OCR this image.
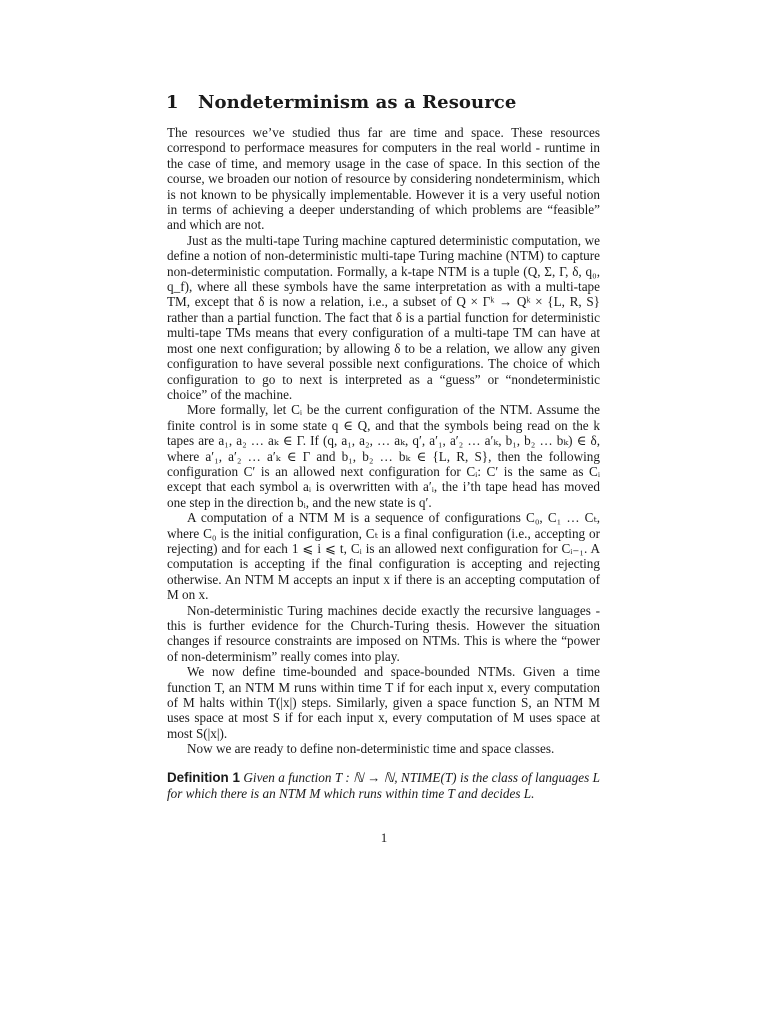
1 Nondeterminism as a Resource

The resources we’ve studied thus far are time and space. These resources correspond to performace measures for computers in the real world - runtime in the case of time, and memory usage in the case of space. In this section of the course, we broaden our notion of resource by considering nondeterminism, which is not known to be physically implementable. However it is a very useful notion in terms of achieving a deeper understanding of which problems are “feasible” and which are not.

Just as the multi-tape Turing machine captured deterministic computation, we define a notion of non-deterministic multi-tape Turing machine (NTM) to capture non-deterministic computation. Formally, a k-tape NTM is a tuple (Q, Σ, Γ, δ, q₀, q_f), where all these symbols have the same interpretation as with a multi-tape TM, except that δ is now a relation, i.e., a subset of Q × Γᵏ → Qᵏ × {L, R, S} rather than a partial function. The fact that δ is a partial function for deterministic multi-tape TMs means that every configuration of a multi-tape TM can have at most one next configuration; by allowing δ to be a relation, we allow any given configuration to have several possible next configurations. The choice of which configuration to go to next is interpreted as a “guess” or “nondeterministic choice” of the machine.

More formally, let Cᵢ be the current configuration of the NTM. Assume the finite control is in some state q ∈ Q, and that the symbols being read on the k tapes are a₁, a₂ … aₖ ∈ Γ. If (q, a₁, a₂, … aₖ, q′, a′₁, a′₂ … a′ₖ, b₁, b₂ … bₖ) ∈ δ, where a′₁, a′₂ … a′ₖ ∈ Γ and b₁, b₂ … bₖ ∈ {L, R, S}, then the following configuration C′ is an allowed next configuration for Cᵢ: C′ is the same as Cᵢ except that each symbol aᵢ is overwritten with a′ᵢ, the i’th tape head has moved one step in the direction bᵢ, and the new state is q′.

A computation of a NTM M is a sequence of configurations C₀, C₁ … Cₜ, where C₀ is the initial configuration, Cₜ is a final configuration (i.e., accepting or rejecting) and for each 1 ⩽ i ⩽ t, Cᵢ is an allowed next configuration for Cᵢ₋₁. A computation is accepting if the final configuration is accepting and rejecting otherwise. An NTM M accepts an input x if there is an accepting computation of M on x.

Non-deterministic Turing machines decide exactly the recursive languages - this is further evidence for the Church-Turing thesis. However the situation changes if resource constraints are imposed on NTMs. This is where the “power of non-determinism” really comes into play.

We now define time-bounded and space-bounded NTMs. Given a time function T, an NTM M runs within time T if for each input x, every computation of M halts within T(|x|) steps. Similarly, given a space function S, an NTM M uses space at most S if for each input x, every computation of M uses space at most S(|x|).

Now we are ready to define non-deterministic time and space classes.

Definition 1 Given a function T : ℕ → ℕ, NTIME(T) is the class of languages L for which there is an NTM M which runs within time T and decides L.
1
